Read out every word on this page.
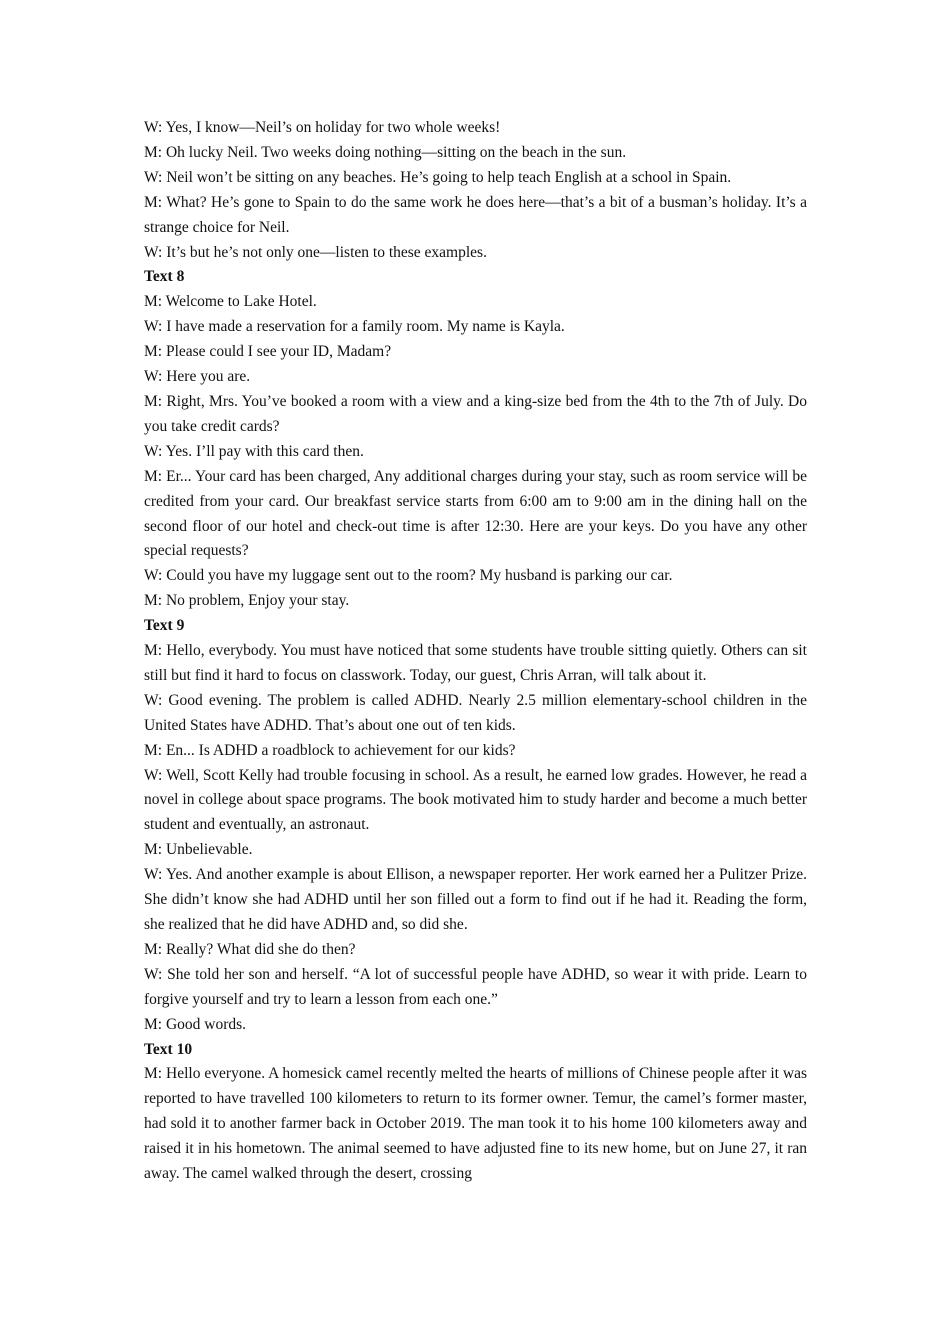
W: Yes, I know—Neil’s on holiday for two whole weeks!

M: Oh lucky Neil. Two weeks doing nothing—sitting on the beach in the sun.

W: Neil won’t be sitting on any beaches. He’s going to help teach English at a school in Spain.

M: What? He’s gone to Spain to do the same work he does here—that’s a bit of a busman’s holiday. It’s a strange choice for Neil.

W: It’s but he’s not only one—listen to these examples.

Text 8

M: Welcome to Lake Hotel.

W: I have made a reservation for a family room. My name is Kayla.

M: Please could I see your ID, Madam?

W: Here you are.

M: Right, Mrs. You’ve booked a room with a view and a king-size bed from the 4th to the 7th of July. Do you take credit cards?

W: Yes. I’ll pay with this card then.

M: Er... Your card has been charged, Any additional charges during your stay, such as room service will be credited from your card. Our breakfast service starts from 6:00 am to 9:00 am in the dining hall on the second floor of our hotel and check-out time is after 12:30. Here are your keys. Do you have any other special requests?

W: Could you have my luggage sent out to the room? My husband is parking our car.

M: No problem, Enjoy your stay.

Text 9

M: Hello, everybody. You must have noticed that some students have trouble sitting quietly. Others can sit still but find it hard to focus on classwork. Today, our guest, Chris Arran, will talk about it.

W: Good evening. The problem is called ADHD. Nearly 2.5 million elementary-school children in the United States have ADHD. That’s about one out of ten kids.

M: En... Is ADHD a roadblock to achievement for our kids?

W: Well, Scott Kelly had trouble focusing in school. As a result, he earned low grades. However, he read a novel in college about space programs. The book motivated him to study harder and become a much better student and eventually, an astronaut.

M: Unbelievable.

W: Yes. And another example is about Ellison, a newspaper reporter. Her work earned her a Pulitzer Prize. She didn’t know she had ADHD until her son filled out a form to find out if he had it. Reading the form, she realized that he did have ADHD and, so did she.

M: Really? What did she do then?

W: She told her son and herself. “A lot of successful people have ADHD, so wear it with pride. Learn to forgive yourself and try to learn a lesson from each one.”

M: Good words.

Text 10

M: Hello everyone. A homesick camel recently melted the hearts of millions of Chinese people after it was reported to have travelled 100 kilometers to return to its former owner. Temur, the camel’s former master, had sold it to another farmer back in October 2019. The man took it to his home 100 kilometers away and raised it in his hometown. The animal seemed to have adjusted fine to its new home, but on June 27, it ran away. The camel walked through the desert, crossing
